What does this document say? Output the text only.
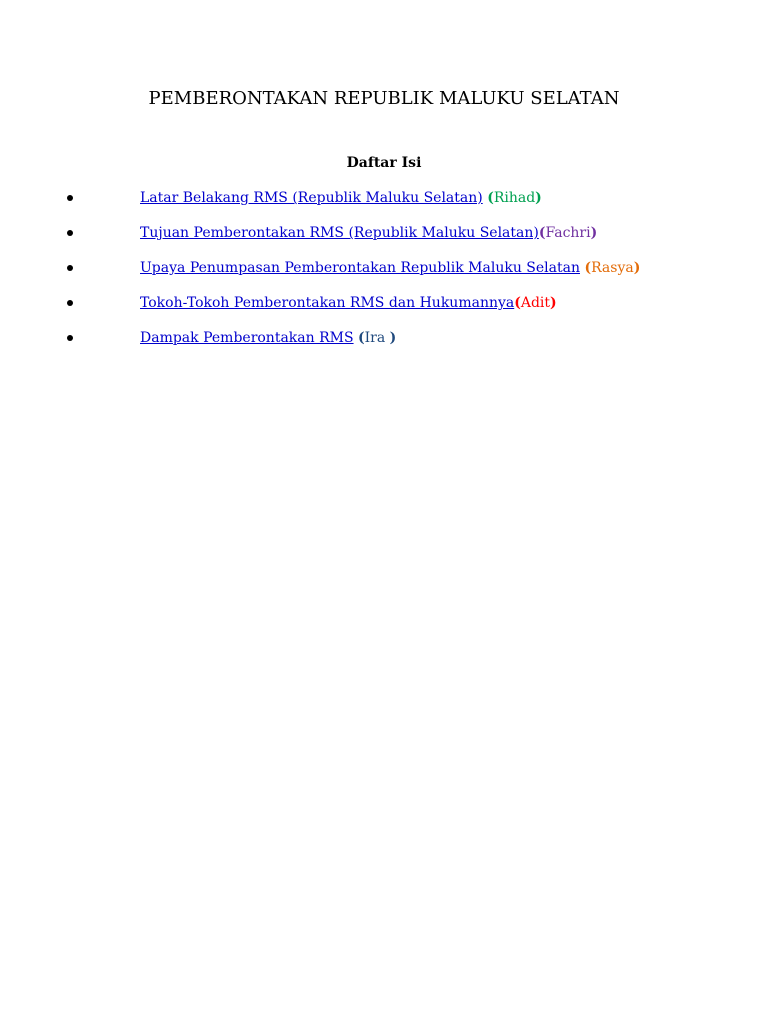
PEMBERONTAKAN REPUBLIK MALUKU SELATAN
Daftar Isi
Latar Belakang RMS (Republik Maluku Selatan) (Rihad)
Tujuan Pemberontakan RMS (Republik Maluku Selatan)(Fachri)
Upaya Penumpasan Pemberontakan Republik Maluku Selatan (Rasya)
Tokoh-Tokoh Pemberontakan RMS dan Hukumannya(Adit)
Dampak Pemberontakan RMS (Ira )
